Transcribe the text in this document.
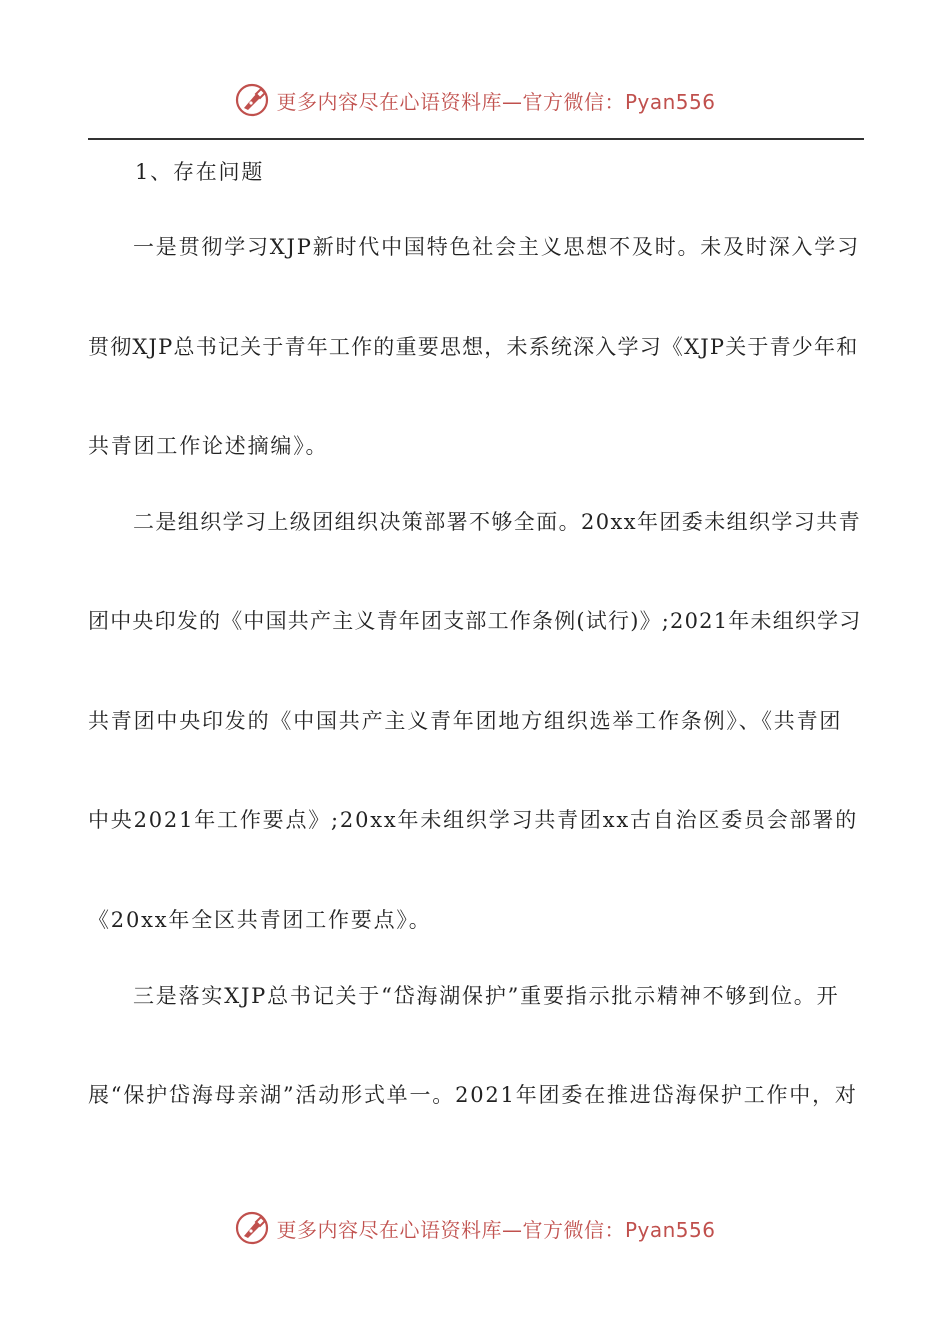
更多内容尽在心语资料库—官方微信：Pyan556
1、存在问题
一是贯彻学习XJP新时代中国特色社会主义思想不及时。未及时深入学习
贯彻XJP总书记关于青年工作的重要思想，未系统深入学习《XJP关于青少年和
共青团工作论述摘编》。
二是组织学习上级团组织决策部署不够全面。20xx年团委未组织学习共青
团中央印发的《中国共产主义青年团支部工作条例(试行)》;2021年未组织学习
共青团中央印发的《中国共产主义青年团地方组织选举工作条例》、《共青团
中央2021年工作要点》;20xx年未组织学习共青团xx古自治区委员会部署的
《20xx年全区共青团工作要点》。
三是落实XJP总书记关于“岱海湖保护”重要指示批示精神不够到位。开
展“保护岱海母亲湖”活动形式单一。2021年团委在推进岱海保护工作中，对
更多内容尽在心语资料库—官方微信：Pyan556
